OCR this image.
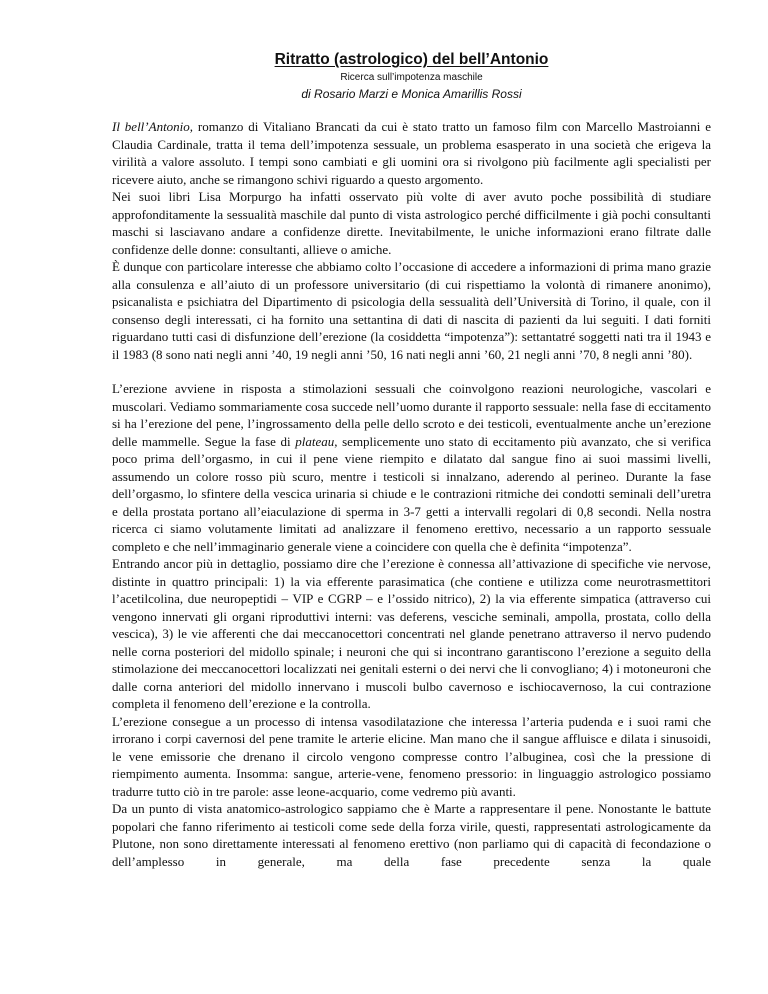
Ritratto (astrologico) del bell’Antonio
Ricerca sull’impotenza maschile
di Rosario Marzi e Monica Amarillis Rossi

Il bell’Antonio, romanzo di Vitaliano Brancati da cui è stato tratto un famoso film con Marcello Mastroianni e Claudia Cardinale, tratta il tema dell’impotenza sessuale, un problema esasperato in una società che erigeva la virilità a valore assoluto. I tempi sono cambiati e gli uomini ora si rivolgono più facilmente agli specialisti per ricevere aiuto, anche se rimangono schivi riguardo a questo argomento.

Nei suoi libri Lisa Morpurgo ha infatti osservato più volte di aver avuto poche possibilità di studiare approfonditamente la sessualità maschile dal punto di vista astrologico perché difficilmente i già pochi consultanti maschi si lasciavano andare a confidenze dirette. Inevitabilmente, le uniche informazioni erano filtrate dalle confidenze delle donne: consultanti, allieve o amiche.

È dunque con particolare interesse che abbiamo colto l’occasione di accedere a informazioni di prima mano grazie alla consulenza e all’aiuto di un professore universitario (di cui rispettiamo la volontà di rimanere anonimo), psicanalista e psichiatra del Dipartimento di psicologia della sessualità dell’Università di Torino, il quale, con il consenso degli interessati, ci ha fornito una settantina di dati di nascita di pazienti da lui seguiti. I dati forniti riguardano tutti casi di disfunzione dell’erezione (la cosiddetta “impotenza”): settantatré soggetti nati tra il 1943 e il 1983 (8 sono nati negli anni ’40, 19 negli anni ’50, 16 nati negli anni ’60, 21 negli anni ’70, 8 negli anni ’80).

L’erezione avviene in risposta a stimolazioni sessuali che coinvolgono reazioni neurologiche, vascolari e muscolari. Vediamo sommariamente cosa succede nell’uomo durante il rapporto sessuale: nella fase di eccitamento si ha l’erezione del pene, l’ingrossamento della pelle dello scroto e dei testicoli, eventualmente anche un’erezione delle mammelle. Segue la fase di plateau, semplicemente uno stato di eccitamento più avanzato, che si verifica poco prima dell’orgasmo, in cui il pene viene riempito e dilatato dal sangue fino ai suoi massimi livelli, assumendo un colore rosso più scuro, mentre i testicoli si innalzano, aderendo al perineo. Durante la fase dell’orgasmo, lo sfintere della vescica urinaria si chiude e le contrazioni ritmiche dei condotti seminali dell’uretra e della prostata portano all’eiaculazione di sperma in 3-7 getti a intervalli regolari di 0,8 secondi. Nella nostra ricerca ci siamo volutamente limitati ad analizzare il fenomeno erettivo, necessario a un rapporto sessuale completo e che nell’immaginario generale viene a coincidere con quella che è definita “impotenza”.

Entrando ancor più in dettaglio, possiamo dire che l’erezione è connessa all’attivazione di specifiche vie nervose, distinte in quattro principali: 1) la via efferente parasimatica (che contiene e utilizza come neurotrasmettitori l’acetilcolina, due neuropeptidi – VIP e CGRP – e l’ossido nitrico), 2) la via efferente simpatica (attraverso cui vengono innervati gli organi riproduttivi interni: vas deferens, vesciche seminali, ampolla, prostata, collo della vescica), 3) le vie afferenti che dai meccanocettori concentrati nel glande penetrano attraverso il nervo pudendo nelle corna posteriori del midollo spinale; i neuroni che qui si incontrano garantiscono l’erezione a seguito della stimolazione dei meccanocettori localizzati nei genitali esterni o dei nervi che li convogliano; 4) i motoneuroni che dalle corna anteriori del midollo innervano i muscoli bulbo cavernoso e ischiocavernoso, la cui contrazione completa il fenomeno dell’erezione e la controlla.

L’erezione consegue a un processo di intensa vasodilatazione che interessa l’arteria pudenda e i suoi rami che irrorano i corpi cavernosi del pene tramite le arterie elicine. Man mano che il sangue affluisce e dilata i sinusoidi, le vene emissorie che drenano il circolo vengono compresse contro l’albuginea, così che la pressione di riempimento aumenta. Insomma: sangue, arterie-vene, fenomeno pressorio: in linguaggio astrologico possiamo tradurre tutto ciò in tre parole: asse leone-acquario, come vedremo più avanti.

Da un punto di vista anatomico-astrologico sappiamo che è Marte a rappresentare il pene. Nonostante le battute popolari che fanno riferimento ai testicoli come sede della forza virile, questi, rappresentati astrologicamente da Plutone, non sono direttamente interessati al fenomeno erettivo (non parliamo qui di capacità di fecondazione o dell’amplesso in generale, ma della fase precedente senza la quale
